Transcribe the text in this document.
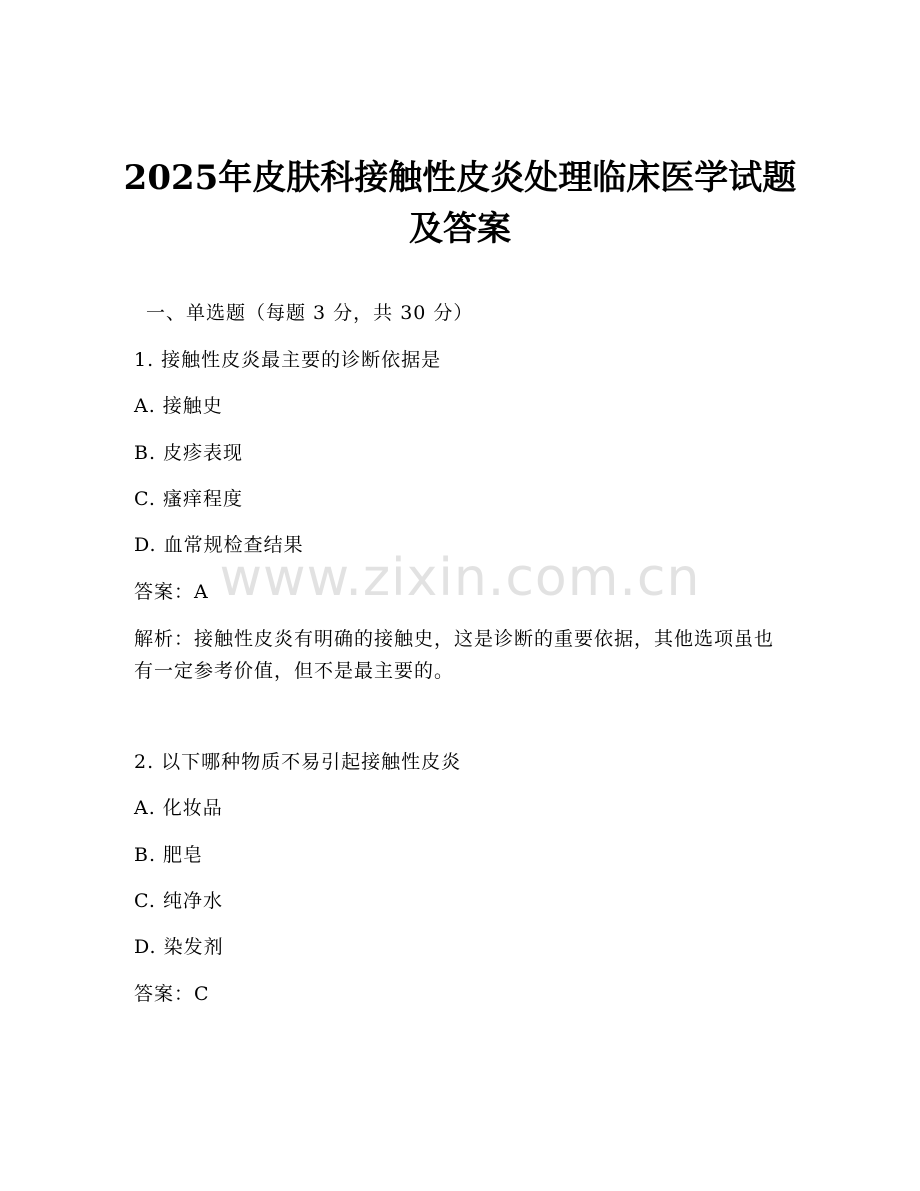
2025年皮肤科接触性皮炎处理临床医学试题
及答案
一、单选题（每题 3 分，共 30 分）
1. 接触性皮炎最主要的诊断依据是
A. 接触史
B. 皮疹表现
C. 瘙痒程度
D. 血常规检查结果
答案：A
解析：接触性皮炎有明确的接触史，这是诊断的重要依据，其他选项虽也有一定参考价值，但不是最主要的。
2. 以下哪种物质不易引起接触性皮炎
A. 化妆品
B. 肥皂
C. 纯净水
D. 染发剂
答案：C
www.zixin.com.cn
